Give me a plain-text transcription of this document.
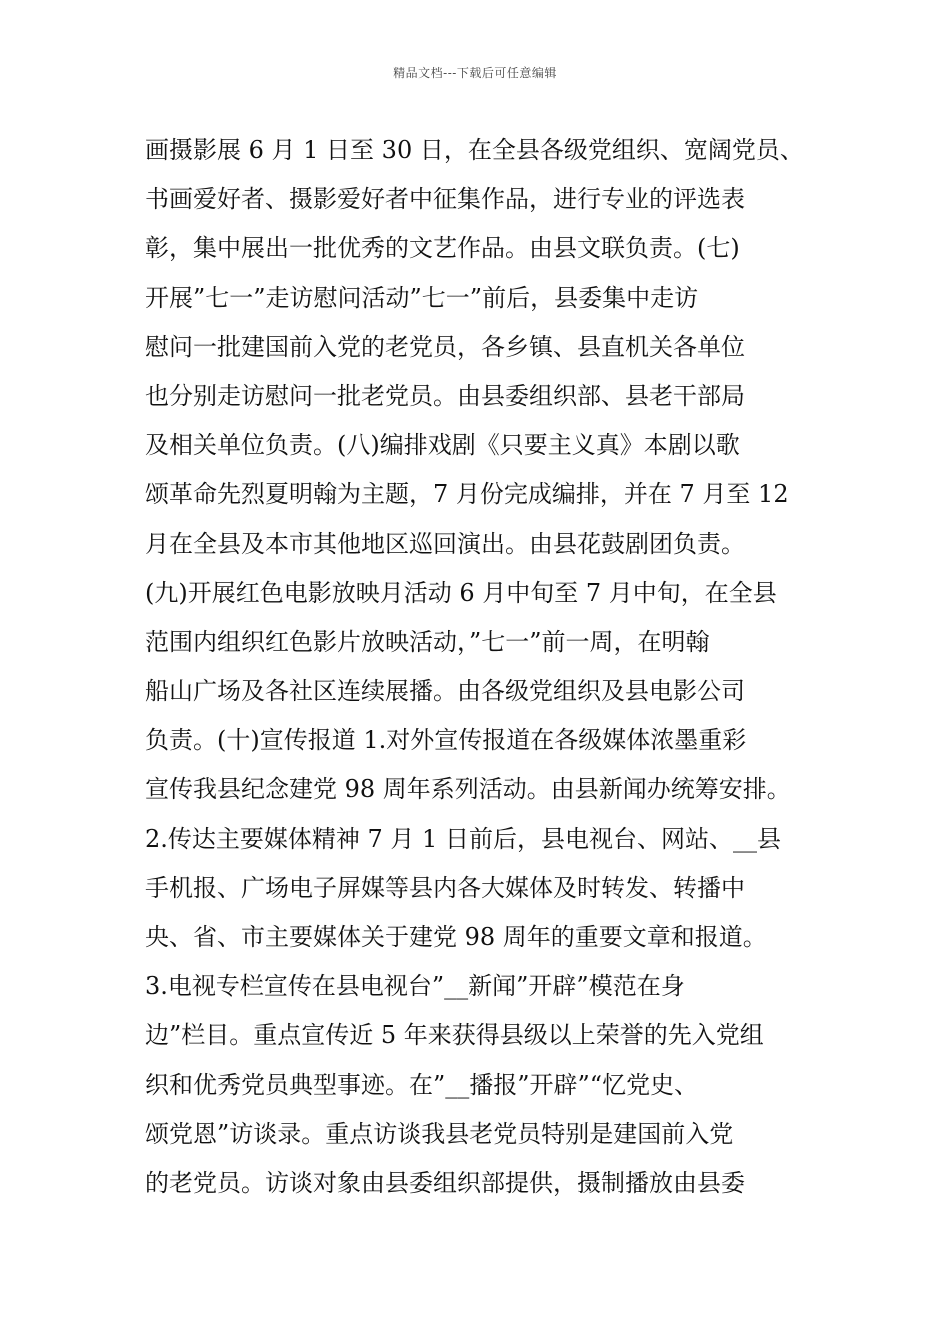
精品文档---下载后可任意编辑
画摄影展 6 月 1 日至 30 日，在全县各级党组织、宽阔党员、
书画爱好者、摄影爱好者中征集作品，进行专业的评选表
彰，集中展出一批优秀的文艺作品。由县文联负责。(七)
开展”七一”走访慰问活动”七一”前后，县委集中走访
慰问一批建国前入党的老党员，各乡镇、县直机关各单位
也分别走访慰问一批老党员。由县委组织部、县老干部局
及相关单位负责。(八)编排戏剧《只要主义真》本剧以歌
颂革命先烈夏明翰为主题，7 月份完成编排，并在 7 月至 12
月在全县及本市其他地区巡回演出。由县花鼓剧团负责。
(九)开展红色电影放映月活动 6 月中旬至 7 月中旬，在全县
范围内组织红色影片放映活动，”七一”前一周，在明翰
船山广场及各社区连续展播。由各级党组织及县电影公司
负责。(十)宣传报道 1.对外宣传报道在各级媒体浓墨重彩
宣传我县纪念建党 98 周年系列活动。由县新闻办统筹安排。
2.传达主要媒体精神 7 月 1 日前后，县电视台、网站、__县
手机报、广场电子屏媒等县内各大媒体及时转发、转播中
央、省、市主要媒体关于建党 98 周年的重要文章和报道。
3.电视专栏宣传在县电视台”__新闻”开辟”模范在身
边”栏目。重点宣传近 5 年来获得县级以上荣誉的先入党组
织和优秀党员典型事迹。在”__播报”开辟”“忆党史、
颂党恩”访谈录。重点访谈我县老党员特别是建国前入党
的老党员。访谈对象由县委组织部提供，摄制播放由县委
